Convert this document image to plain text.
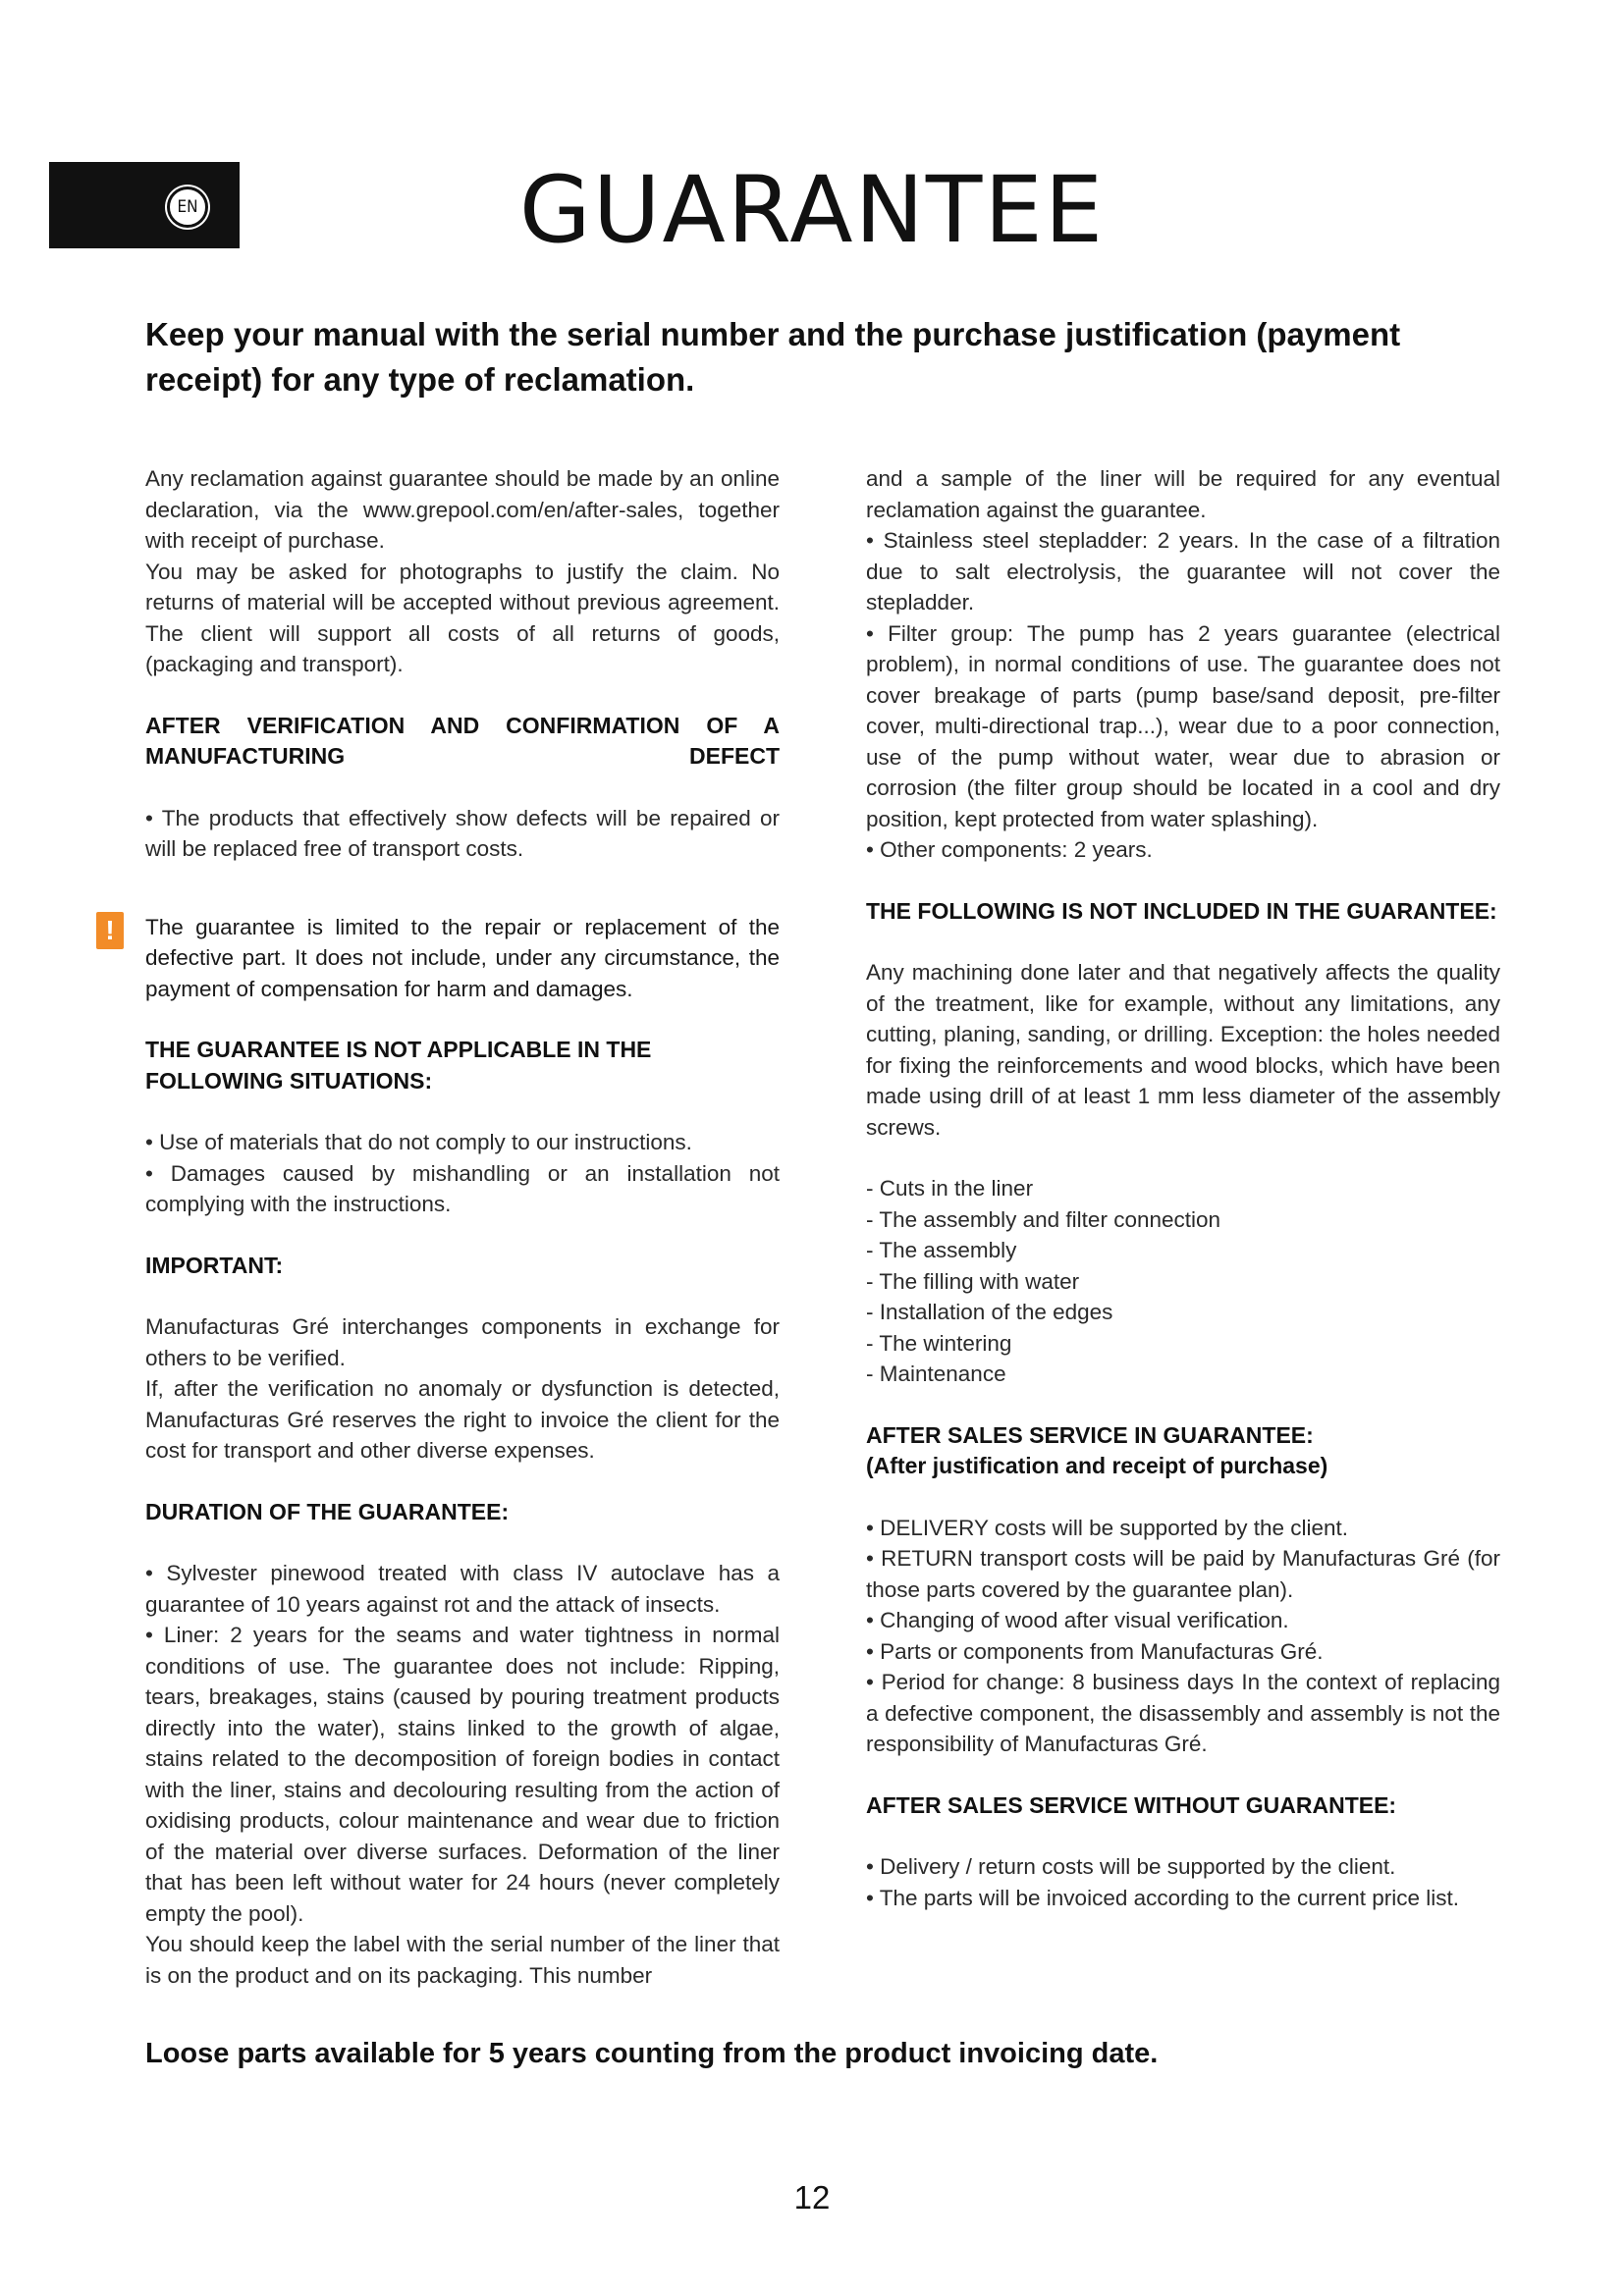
EN	GUARANTEE

Keep your manual with the serial number and the purchase justification (payment receipt) for any type of reclamation.

Any reclamation against guarantee should be made by an online declaration, via the www.grepool.com/en/after-sales, together with receipt of purchase.

You may be asked for photographs to justify the claim. No returns of material will be accepted without previous agreement. The client will support all costs of all returns of goods, (packaging and transport).

AFTER VERIFICATION AND CONFIRMATION OF A MANUFACTURING DEFECT

• The products that effectively show defects will be repaired or will be replaced free of transport costs.

!	The guarantee is limited to the repair or replacement of the defective part. It does not include, under any circumstance, the payment of compensation for harm and damages.

THE GUARANTEE IS NOT APPLICABLE IN THE FOLLOWING SITUATIONS:

• Use of materials that do not comply to our instructions.

• Damages caused by mishandling or an installation not complying with the instructions.

IMPORTANT:

Manufacturas Gré interchanges components in exchange for others to be verified.

If, after the verification no anomaly or dysfunction is detected, Manufacturas Gré reserves the right to invoice the client for the cost for transport and other diverse expenses.

DURATION OF THE GUARANTEE:

• Sylvester pinewood treated with class IV autoclave has a guarantee of 10 years against rot and the attack of insects.

• Liner: 2 years for the seams and water tightness in normal conditions of use. The guarantee does not include: Ripping, tears, breakages, stains (caused by pouring treatment products directly into the water), stains linked to the growth of algae, stains related to the decomposition of foreign bodies in contact with the liner, stains and decolouring resulting from the action of oxidising products, colour maintenance and wear due to friction of the material over diverse surfaces. Deformation of the liner that has been left without water for 24 hours (never completely empty the pool).

You should keep the label with the serial number of the liner that is on the product and on its packaging. This number

and a sample of the liner will be required for any eventual reclamation against the guarantee.

• Stainless steel stepladder: 2 years. In the case of a filtration due to salt electrolysis, the guarantee will not cover the stepladder.

• Filter group: The pump has 2 years guarantee (electrical problem), in normal conditions of use. The guarantee does not cover breakage of parts (pump base/sand deposit, pre-filter cover, multi-directional trap...), wear due to a poor connection, use of the pump without water, wear due to abrasion or corrosion (the filter group should be located in a cool and dry position, kept protected from water splashing).

• Other components: 2 years.

THE FOLLOWING IS NOT INCLUDED IN THE GUARANTEE:

Any machining done later and that negatively affects the quality of the treatment, like for example, without any limitations, any cutting, planing, sanding, or drilling. Exception: the holes needed for fixing the reinforcements and wood blocks, which have been made using drill of at least 1 mm less diameter of the assembly screws.

- Cuts in the liner

- The assembly and filter connection

- The assembly

- The filling with water

- Installation of the edges

- The wintering

- Maintenance

AFTER SALES SERVICE IN GUARANTEE:
(After justification and receipt of purchase)

• DELIVERY costs will be supported by the client.

• RETURN transport costs will be paid by Manufacturas Gré (for those parts covered by the guarantee plan).

• Changing of wood after visual verification.

• Parts or components from Manufacturas Gré.

• Period for change: 8 business days In the context of replacing a defective component, the disassembly and assembly is not the responsibility of Manufacturas Gré.

AFTER SALES SERVICE WITHOUT GUARANTEE:

• Delivery / return costs will be supported by the client.

• The parts will be invoiced according to the current price list.

Loose parts available for 5 years counting from the product invoicing date.

12
